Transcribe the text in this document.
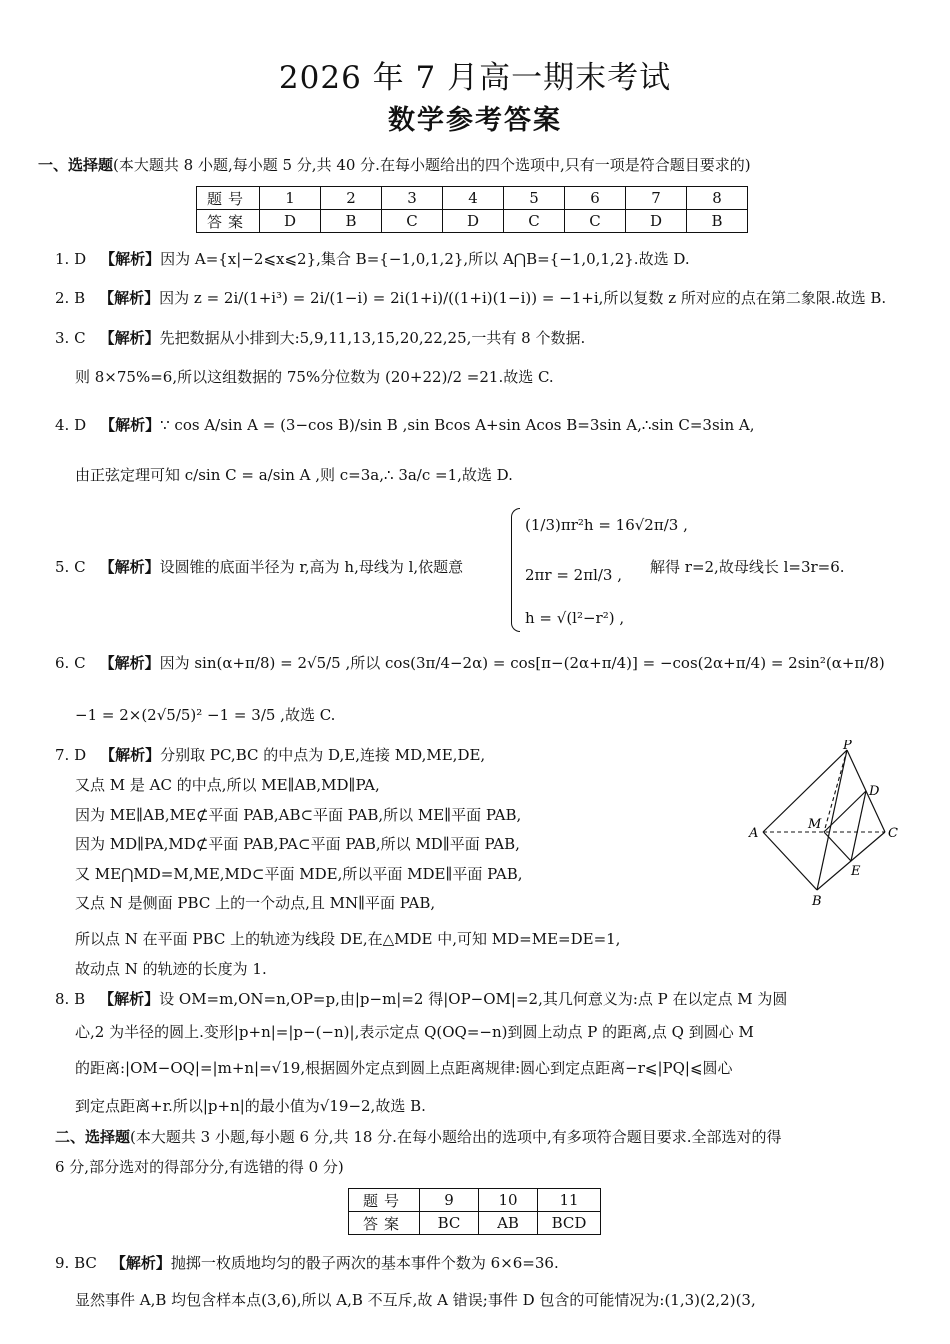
2026 年 7 月高一期末考试
数学参考答案
一、选择题(本大题共 8 小题,每小题 5 分,共 40 分.在每小题给出的四个选项中,只有一项是符合题目要求的)
题号	1	2	3	4	5	6	7	8
答案	D	B	C	D	C	C	D	B
1. D 【解析】因为 A={x|−2⩽x⩽2},集合 B={−1,0,1,2},所以 A⋂B={−1,0,1,2}.故选 D.
2. B 【解析】因为 z = 2i/(1+i³) = 2i/(1−i) = 2i(1+i)/((1+i)(1−i)) = −1+i,所以复数 z 所对应的点在第二象限.故选 B.
3. C 【解析】先把数据从小排到大:5,9,11,13,15,20,22,25,一共有 8 个数据.
则 8×75%=6,所以这组数据的 75%分位数为 (20+22)/2 =21.故选 C.
4. D 【解析】∵ cos A/sin A = (3−cos B)/sin B ,sin Bcos A+sin Acos B=3sin A,∴sin C=3sin A,
由正弦定理可知 c/sin C = a/sin A ,则 c=3a,∴ 3a/c =1,故选 D.
5. C 【解析】设圆锥的底面半径为 r,高为 h,母线为 l,依题意
(1/3)πr²h = 16√2π/3 ,
2πr = 2πl/3 ,
h = √(l²−r²) ,
解得 r=2,故母线长 l=3r=6.
6. C 【解析】因为 sin(α+π/8) = 2√5/5 ,所以 cos(3π/4−2α) = cos[π−(2α+π/4)] = −cos(2α+π/4) = 2sin²(α+π/8)
−1 = 2×(2√5/5)² −1 = 3/5 ,故选 C.
7. D 【解析】分别取 PC,BC 的中点为 D,E,连接 MD,ME,DE,
又点 M 是 AC 的中点,所以 ME∥AB,MD∥PA,
因为 ME∥AB,ME⊄平面 PAB,AB⊂平面 PAB,所以 ME∥平面 PAB,
因为 MD∥PA,MD⊄平面 PAB,PA⊂平面 PAB,所以 MD∥平面 PAB,
又 ME⋂MD=M,ME,MD⊂平面 MDE,所以平面 MDE∥平面 PAB,
又点 N 是侧面 PBC 上的一个动点,且 MN∥平面 PAB,
所以点 N 在平面 PBC 上的轨迹为线段 DE,在△MDE 中,可知 MD=ME=DE=1,
故动点 N 的轨迹的长度为 1.
P
D
A
M
C
E
B
8. B 【解析】设 OM=m,ON=n,OP=p,由|p−m|=2 得|OP−OM|=2,其几何意义为:点 P 在以定点 M 为圆
心,2 为半径的圆上.变形|p+n|=|p−(−n)|,表示定点 Q(OQ=−n)到圆上动点 P 的距离,点 Q 到圆心 M
的距离:|OM−OQ|=|m+n|=√19,根据圆外定点到圆上点距离规律:圆心到定点距离−r⩽|PQ|⩽圆心
到定点距离+r.所以|p+n|的最小值为√19−2,故选 B.
二、选择题(本大题共 3 小题,每小题 6 分,共 18 分.在每小题给出的选项中,有多项符合题目要求.全部选对的得
6 分,部分选对的得部分分,有选错的得 0 分)
题号	9	10	11
答案	BC	AB	BCD
9. BC 【解析】抛掷一枚质地均匀的骰子两次的基本事件个数为 6×6=36.
显然事件 A,B 均包含样本点(3,6),所以 A,B 不互斥,故 A 错误;事件 D 包含的可能情况为:(1,3)(2,2)(3,
